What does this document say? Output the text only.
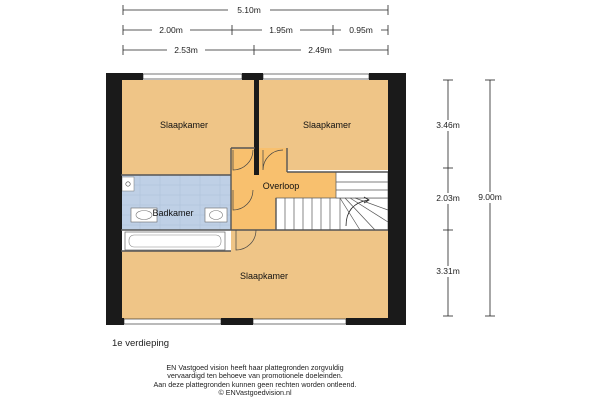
5.10m
2.00m	1.95m	0.95m
2.53m	2.49m
3.46m
2.03m
3.31m
9.00m
Slaapkamer	Slaapkamer
Overloop
Badkamer
Slaapkamer

1e verdieping

EN Vastgoed vision heeft haar plattegronden zorgvuldig
vervaardigd ten behoeve van promotionele doeleinden.
Aan deze plattegronden kunnen geen rechten worden ontleend.
© ENVastgoedvision.nl
